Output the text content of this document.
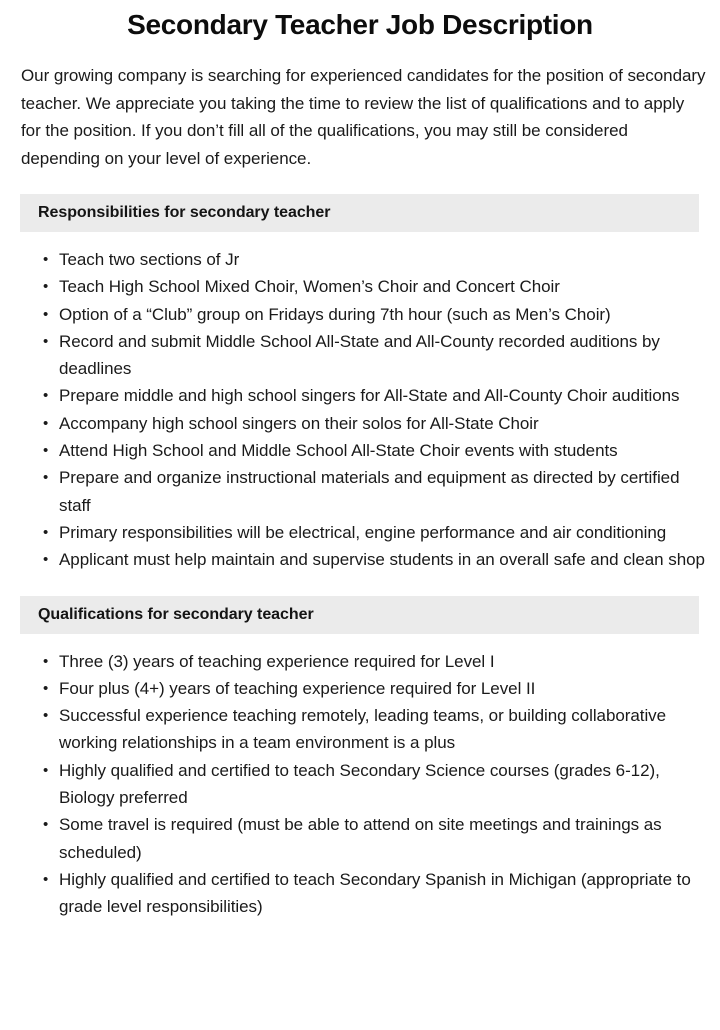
Secondary Teacher Job Description

Our growing company is searching for experienced candidates for the position of secondary teacher. We appreciate you taking the time to review the list of qualifications and to apply for the position. If you don’t fill all of the qualifications, you may still be considered depending on your level of experience.

Responsibilities for secondary teacher
• Teach two sections of Jr
• Teach High School Mixed Choir, Women’s Choir and Concert Choir
• Option of a “Club” group on Fridays during 7th hour (such as Men’s Choir)
• Record and submit Middle School All-State and All-County recorded auditions by deadlines
• Prepare middle and high school singers for All-State and All-County Choir auditions
• Accompany high school singers on their solos for All-State Choir
• Attend High School and Middle School All-State Choir events with students
• Prepare and organize instructional materials and equipment as directed by certified staff
• Primary responsibilities will be electrical, engine performance and air conditioning
• Applicant must help maintain and supervise students in an overall safe and clean shop
Qualifications for secondary teacher
• Three (3) years of teaching experience required for Level I
• Four plus (4+) years of teaching experience required for Level II
• Successful experience teaching remotely, leading teams, or building collaborative working relationships in a team environment is a plus
• Highly qualified and certified to teach Secondary Science courses (grades 6-12), Biology preferred
• Some travel is required (must be able to attend on site meetings and trainings as scheduled)
• Highly qualified and certified to teach Secondary Spanish in Michigan (appropriate to grade level responsibilities)
